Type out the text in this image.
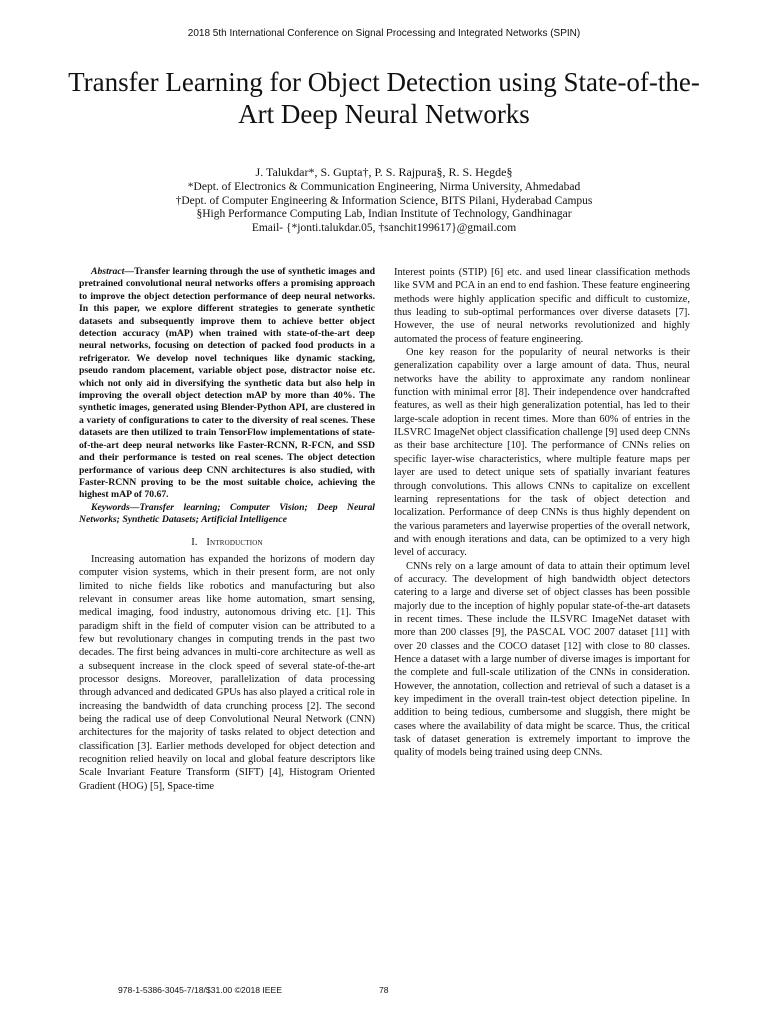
2018 5th International Conference on Signal Processing and Integrated Networks (SPIN)
Transfer Learning for Object Detection using State-of-the-Art Deep Neural Networks
J. Talukdar*, S. Gupta†, P. S. Rajpura§, R. S. Hegde§
*Dept. of Electronics & Communication Engineering, Nirma University, Ahmedabad
†Dept. of Computer Engineering & Information Science, BITS Pilani, Hyderabad Campus
§High Performance Computing Lab, Indian Institute of Technology, Gandhinagar
Email- {*jonti.talukdar.05, †sanchit199617}@gmail.com

Abstract—Transfer learning through the use of synthetic images and pretrained convolutional neural networks offers a promising approach to improve the object detection performance of deep neural networks. In this paper, we explore different strategies to generate synthetic datasets and subsequently improve them to achieve better object detection accuracy (mAP) when trained with state-of-the-art deep neural networks, focusing on detection of packed food products in a refrigerator. We develop novel techniques like dynamic stacking, pseudo random placement, variable object pose, distractor noise etc. which not only aid in diversifying the synthetic data but also help in improving the overall object detection mAP by more than 40%. The synthetic images, generated using Blender-Python API, are clustered in a variety of configurations to cater to the diversity of real scenes. These datasets are then utilized to train TensorFlow implementations of state-of-the-art deep neural networks like Faster-RCNN, R-FCN, and SSD and their performance is tested on real scenes. The object detection performance of various deep CNN architectures is also studied, with Faster-RCNN proving to be the most suitable choice, achieving the highest mAP of 70.67.

Keywords—Transfer learning; Computer Vision; Deep Neural Networks; Synthetic Datasets; Artificial Intelligence

I. Introduction

Increasing automation has expanded the horizons of modern day computer vision systems, which in their present form, are not only limited to niche fields like robotics and manufacturing but also relevant in consumer areas like home automation, smart sensing, medical imaging, food industry, autonomous driving etc. [1]. This paradigm shift in the field of computer vision can be attributed to a few but revolutionary changes in computing trends in the past two decades. The first being advances in multi-core architecture as well as a subsequent increase in the clock speed of several state-of-the-art processor designs. Moreover, parallelization of data processing through advanced and dedicated GPUs has also played a critical role in increasing the bandwidth of data crunching process [2]. The second being the radical use of deep Convolutional Neural Network (CNN) architectures for the majority of tasks related to object detection and classification [3]. Earlier methods developed for object detection and recognition relied heavily on local and global feature descriptors like Scale Invariant Feature Transform (SIFT) [4], Histogram Oriented Gradient (HOG) [5], Space-time

Interest points (STIP) [6] etc. and used linear classification methods like SVM and PCA in an end to end fashion. These feature engineering methods were highly application specific and difficult to customize, thus leading to sub-optimal performances over diverse datasets [7]. However, the use of neural networks revolutionized and highly automated the process of feature engineering.

One key reason for the popularity of neural networks is their generalization capability over a large amount of data. Thus, neural networks have the ability to approximate any random nonlinear function with minimal error [8]. Their independence over handcrafted features, as well as their high generalization potential, has led to their large-scale adoption in recent times. More than 60% of entries in the ILSVRC ImageNet object classification challenge [9] used deep CNNs as their base architecture [10]. The performance of CNNs relies on specific layer-wise characteristics, where multiple feature maps per layer are used to detect unique sets of spatially invariant features through convolutions. This allows CNNs to capitalize on excellent learning representations for the task of object detection and localization. Performance of deep CNNs is thus highly dependent on the various parameters and layerwise properties of the overall network, and with enough iterations and data, can be optimized to a very high level of accuracy.

CNNs rely on a large amount of data to attain their optimum level of accuracy. The development of high bandwidth object detectors catering to a large and diverse set of object classes has been possible majorly due to the inception of highly popular state-of-the-art datasets in recent times. These include the ILSVRC ImageNet dataset with more than 200 classes [9], the PASCAL VOC 2007 dataset [11] with over 20 classes and the COCO dataset [12] with close to 80 classes. Hence a dataset with a large number of diverse images is important for the complete and full-scale utilization of the CNNs in consideration. However, the annotation, collection and retrieval of such a dataset is a key impediment in the overall train-test object detection pipeline. In addition to being tedious, cumbersome and sluggish, there might be cases where the availability of data might be scarce. Thus, the critical task of dataset generation is extremely important to improve the quality of models being trained using deep CNNs.

978-1-5386-3045-7/18/$31.00 ©2018 IEEE	78
